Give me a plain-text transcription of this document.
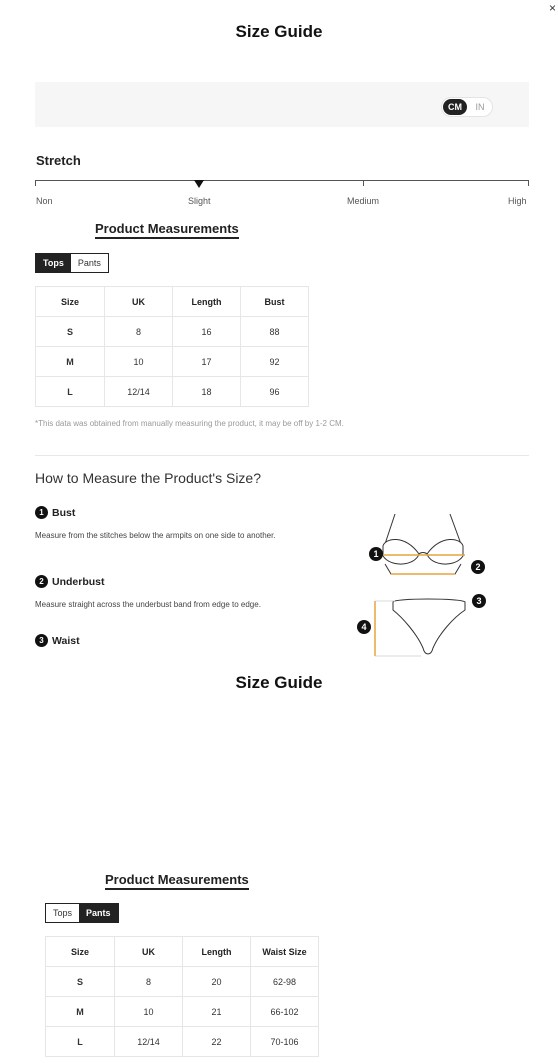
×
Size Guide
CM	IN
Stretch
Non	Slight	Medium	High
Product Measurements
Tops	Pants
Size	UK	Length	Bust
S	8	16	88
M	10	17	92
L	12/14	18	96
*This data was obtained from manually measuring the product, it may be off by 1-2 CM.
How to Measure the Product's Size?
1 Bust
Measure from the stitches below the armpits on one side to another.
2 Underbust
Measure straight across the underbust band from edge to edge.
3 Waist
1
2
3
4
Size Guide
Product Measurements
Tops	Pants
Size	UK	Length	Waist Size
S	8	20	62-98
M	10	21	66-102
L	12/14	22	70-106
